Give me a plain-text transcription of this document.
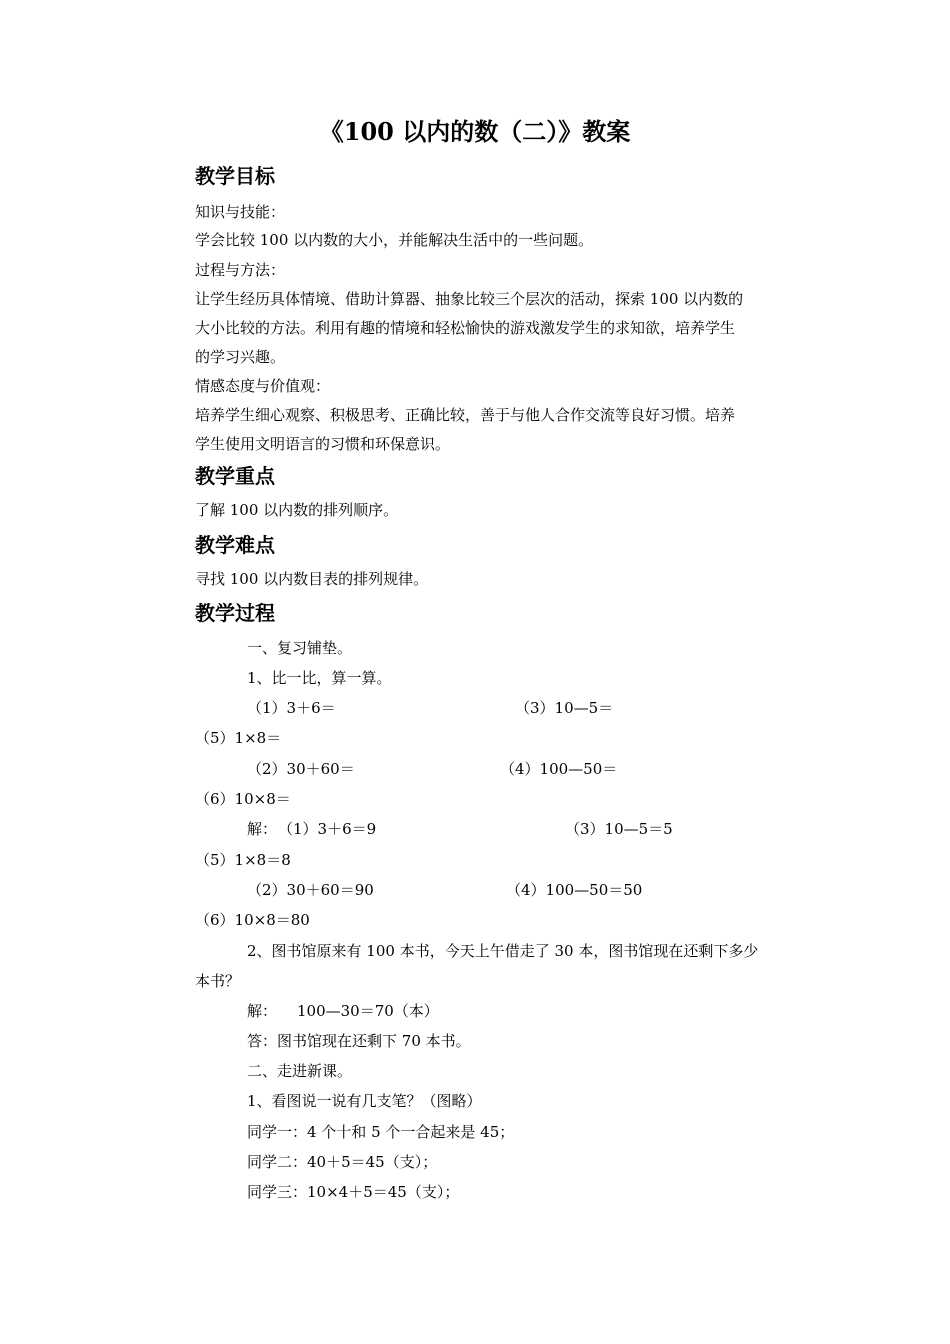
《100 以内的数（二）》教案
教学目标
知识与技能：
学会比较 100 以内数的大小，并能解决生活中的一些问题。
过程与方法：
让学生经历具体情境、借助计算器、抽象比较三个层次的活动，探索 100 以内数的
大小比较的方法。利用有趣的情境和轻松愉快的游戏激发学生的求知欲，培养学生
的学习兴趣。
情感态度与价值观：
培养学生细心观察、积极思考、正确比较，善于与他人合作交流等良好习惯。培养
学生使用文明语言的习惯和环保意识。
教学重点
了解 100 以内数的排列顺序。
教学难点
寻找 100 以内数目表的排列规律。
教学过程
一、复习铺垫。
1、比一比，算一算。
（1）3＋6＝	（3）10—5＝
（5）1×8＝
（2）30＋60＝	（4）100—50＝
（6）10×8＝
解： （1）3＋6＝9	（3）10—5＝5
（5）1×8＝8
（2）30＋60＝90	（4）100—50＝50
（6）10×8＝80
2、图书馆原来有 100 本书，今天上午借走了 30 本，图书馆现在还剩下多少
本书？
解： 100—30＝70（本）
答：图书馆现在还剩下 70 本书。
二、走进新课。
1、看图说一说有几支笔？（图略）
同学一：4 个十和 5 个一合起来是 45；
同学二：40＋5＝45（支）；
同学三：10×4＋5＝45（支）；
